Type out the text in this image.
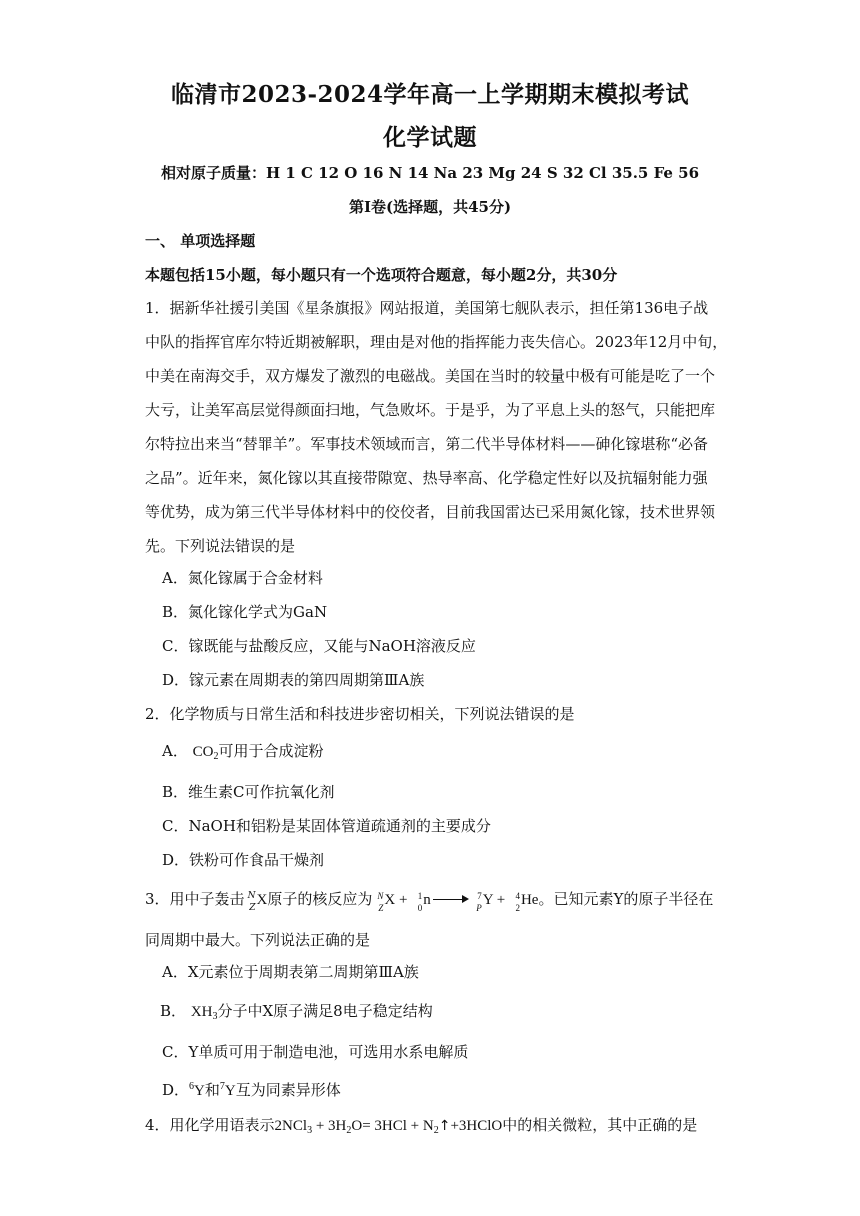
临清市2023-2024学年高一上学期期末模拟考试
化学试题
相对原子质量：H 1 C 12 O 16 N 14 Na 23 Mg 24 S 32 Cl 35.5 Fe 56
第I卷(选择题，共45分)
一、 单项选择题
本题包括15小题，每小题只有一个选项符合题意，每小题2分，共30分
1．据新华社援引美国《星条旗报》网站报道，美国第七舰队表示，担任第136电子战
中队的指挥官库尔特近期被解职，理由是对他的指挥能力丧失信心。2023年12月中旬，
中美在南海交手，双方爆发了激烈的电磁战。美国在当时的较量中极有可能是吃了一个
大亏，让美军高层觉得颜面扫地，气急败坏。于是乎，为了平息上头的怒气，只能把库
尔特拉出来当“替罪羊”。军事技术领域而言，第二代半导体材料——砷化镓堪称“必备
之品”。近年来，氮化镓以其直接带隙宽、热导率高、化学稳定性好以及抗辐射能力强
等优势，成为第三代半导体材料中的佼佼者，目前我国雷达已采用氮化镓，技术世界领
先。下列说法错误的是
A．氮化镓属于合金材料
B．氮化镓化学式为GaN
C．镓既能与盐酸反应，又能与NaOH溶液反应
D．镓元素在周期表的第四周期第ⅢA族
2．化学物质与日常生活和科技进步密切相关，下列说法错误的是
A． $CO_2$可用于合成淀粉
B．维生素C可作抗氧化剂
C．NaOH和铝粉是某固体管道疏通剂的主要成分
D．铁粉可作食品干燥剂
3．用中子轰击 N
Z X原子的核反应为 N
Z X + 1
0 n	7
P Y + 4
2 He。已知元素Y的原子半径在
同周期中最大。下列说法正确的是
A．X元素位于周期表第二周期第ⅢA族
B． $XH_3$分子中X原子满足8电子稳定结构
C．Y单质可用于制造电池，可选用水系电解质
D．$^6$Y和$^7$Y互为同素异形体
4．用化学用语表示$2NCl_3 + 3H_2O= 3HCl$ + $N_2↑+3HClO$中的相关微粒，其中正确的是
